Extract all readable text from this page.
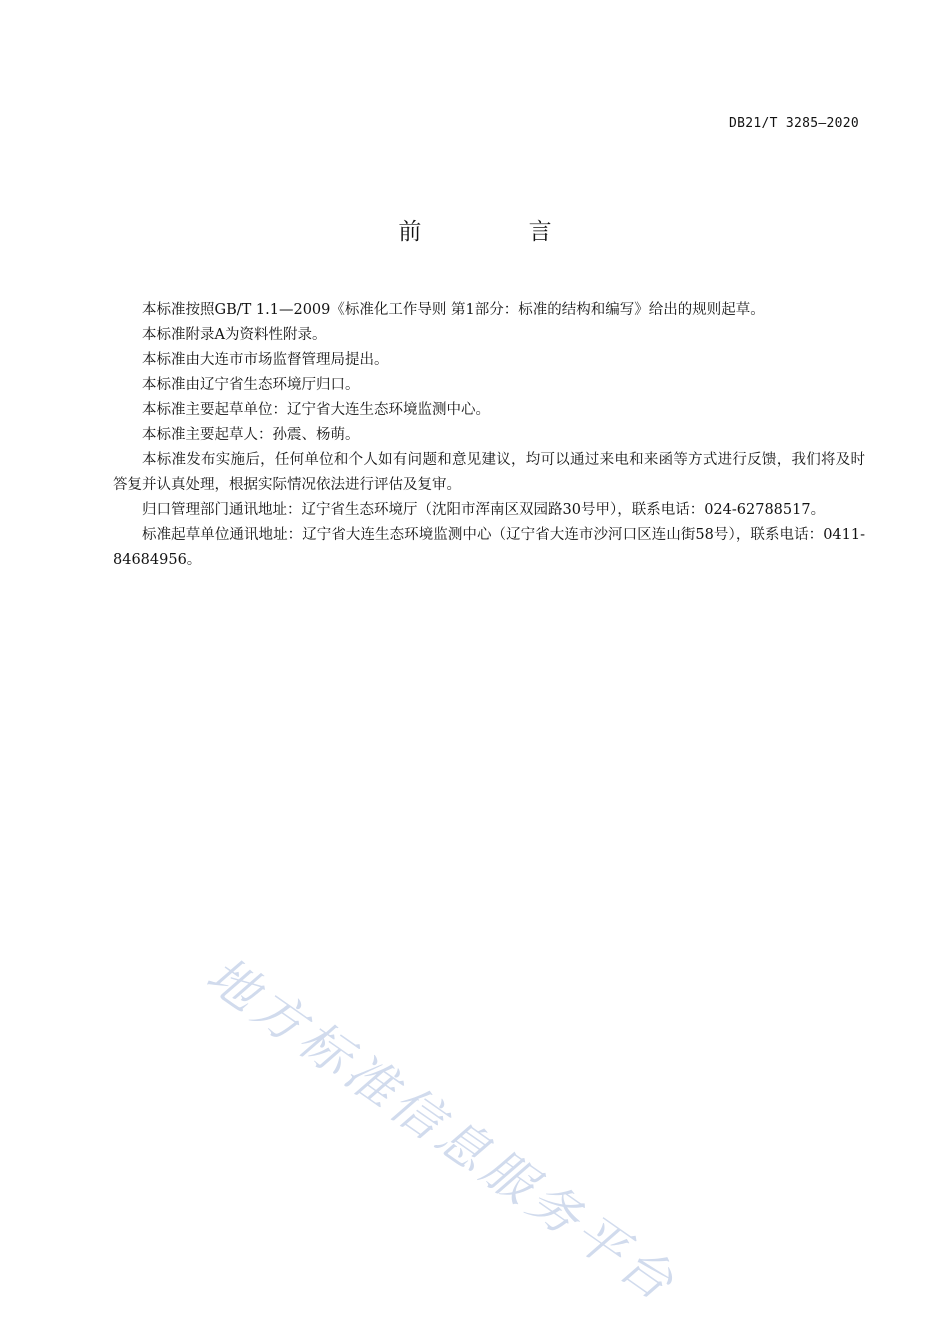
DB21/T 3285—2020
前 言

本标准按照GB/T 1.1—2009《标准化工作导则 第1部分：标准的结构和编写》给出的规则起草。

本标准附录A为资料性附录。

本标准由大连市市场监督管理局提出。

本标准由辽宁省生态环境厅归口。

本标准主要起草单位：辽宁省大连生态环境监测中心。

本标准主要起草人：孙震、杨萌。

本标准发布实施后，任何单位和个人如有问题和意见建议，均可以通过来电和来函等方式进行反馈，我们将及时答复并认真处理，根据实际情况依法进行评估及复审。

归口管理部门通讯地址：辽宁省生态环境厅（沈阳市浑南区双园路30号甲），联系电话：024-62788517。

标准起草单位通讯地址：辽宁省大连生态环境监测中心（辽宁省大连市沙河口区连山街58号），联系电话：0411-84684956。

地方标准信息服务平台
